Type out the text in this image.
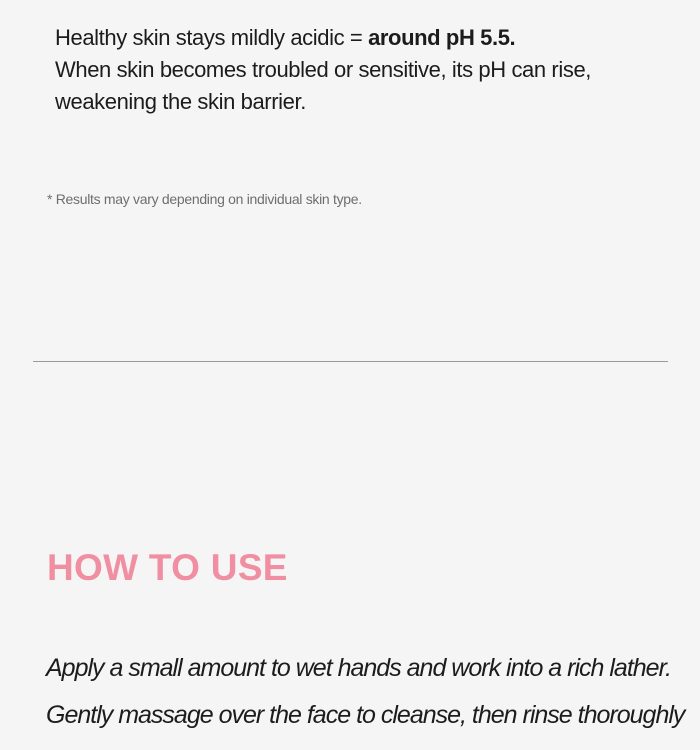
Healthy skin stays mildly acidic = around pH 5.5.

When skin becomes troubled or sensitive, its pH can rise,

weakening the skin barrier.

* Results may vary depending on individual skin type.
HOW TO USE

Apply a small amount to wet hands and work into a rich lather.
Gently massage over the face to cleanse, then rinse thoroughly
